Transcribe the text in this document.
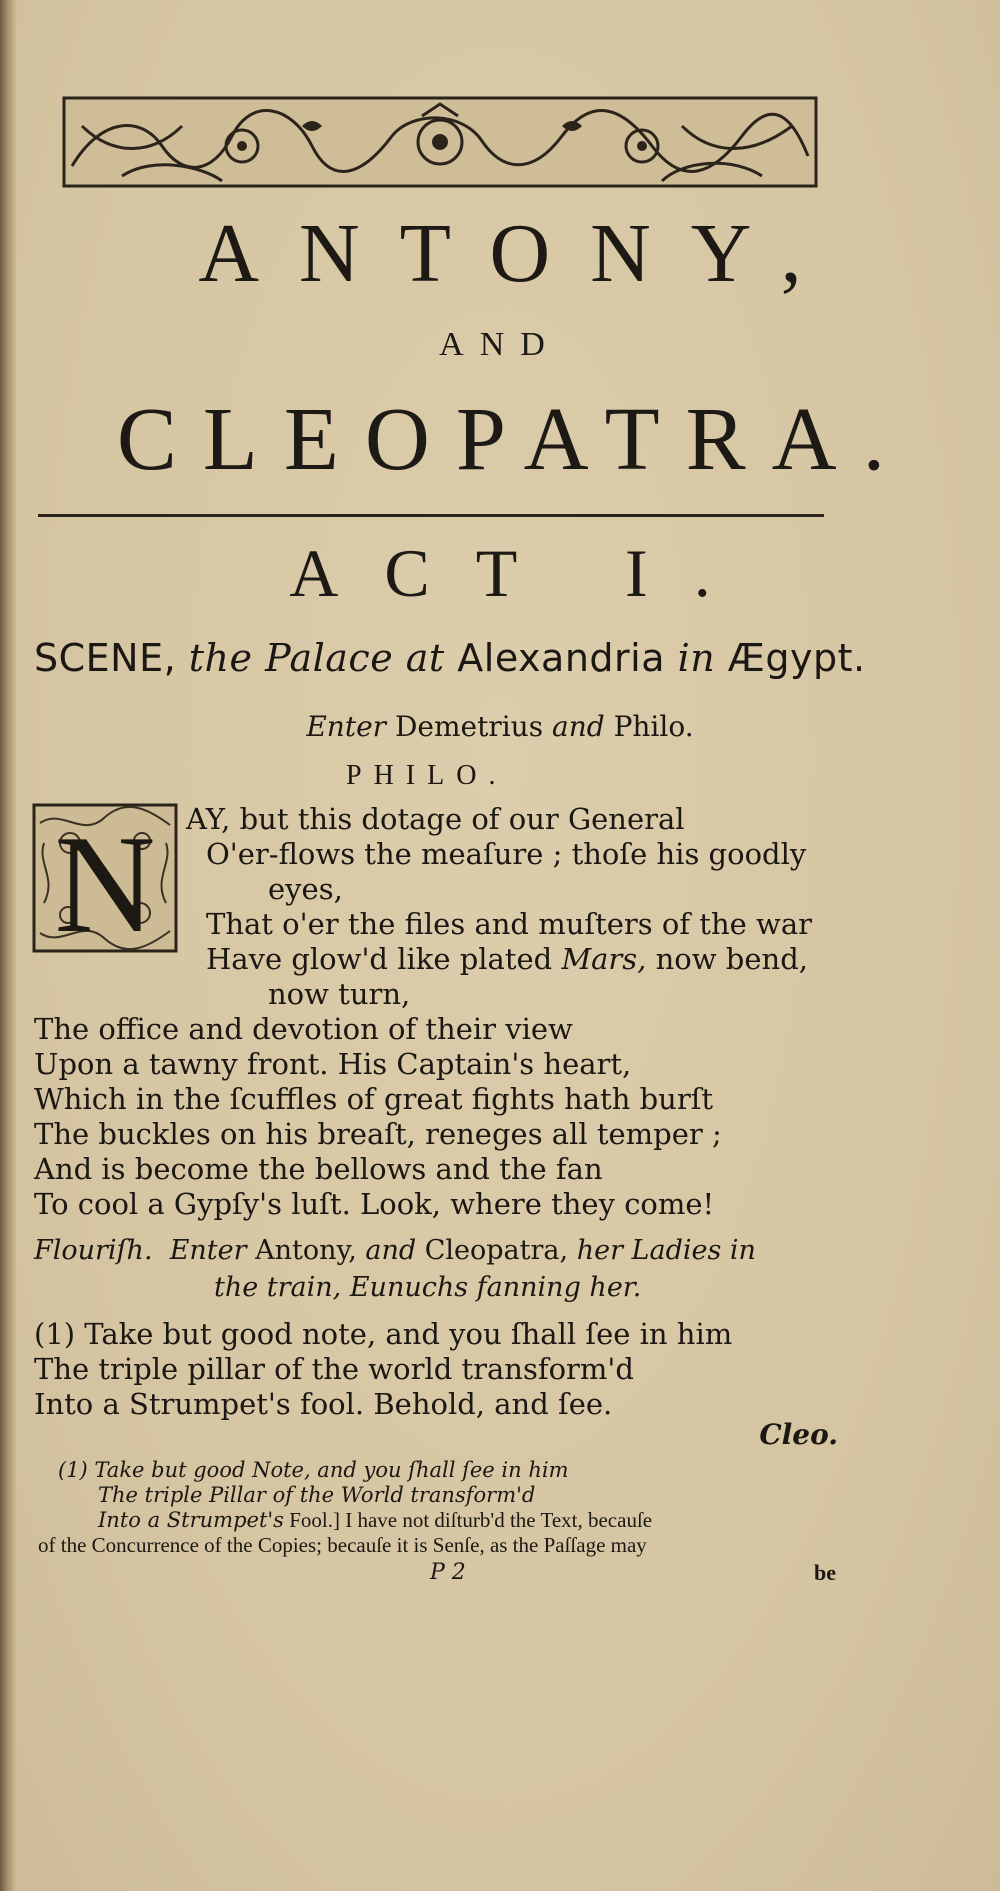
ANTONY,
AND
CLEOPATRA.
ACT I.
SCENE, the Palace at Alexandria in Ægypt.
Enter Demetrius and Philo.
PHILO.
N AY, but this dotage of our General
O'er-flows the meaſure ; thoſe his goodly
eyes,
That o'er the files and muſters of the war
Have glow'd like plated Mars, now bend,
now turn,
The office and devotion of their view
Upon a tawny front. His Captain's heart,
Which in the ſcuffles of great fights hath burſt
The buckles on his breaſt, reneges all temper ;
And is become the bellows and the fan
To cool a Gypſy's luſt. Look, where they come!
Flouriſh. Enter Antony, and Cleopatra, her Ladies in
the train, Eunuchs fanning her.
(1) Take but good note, and you ſhall ſee in him
The triple pillar of the world transform'd
Into a Strumpet's fool. Behold, and ſee.
Cleo.
(1) Take but good Note, and you ſhall ſee in him
The triple Pillar of the World transform'd
Into a Strumpet's Fool.] I have not diſturb'd the Text, becauſe
of the Concurrence of the Copies; becauſe it is Senſe, as the Paſſage may
P 2	be
